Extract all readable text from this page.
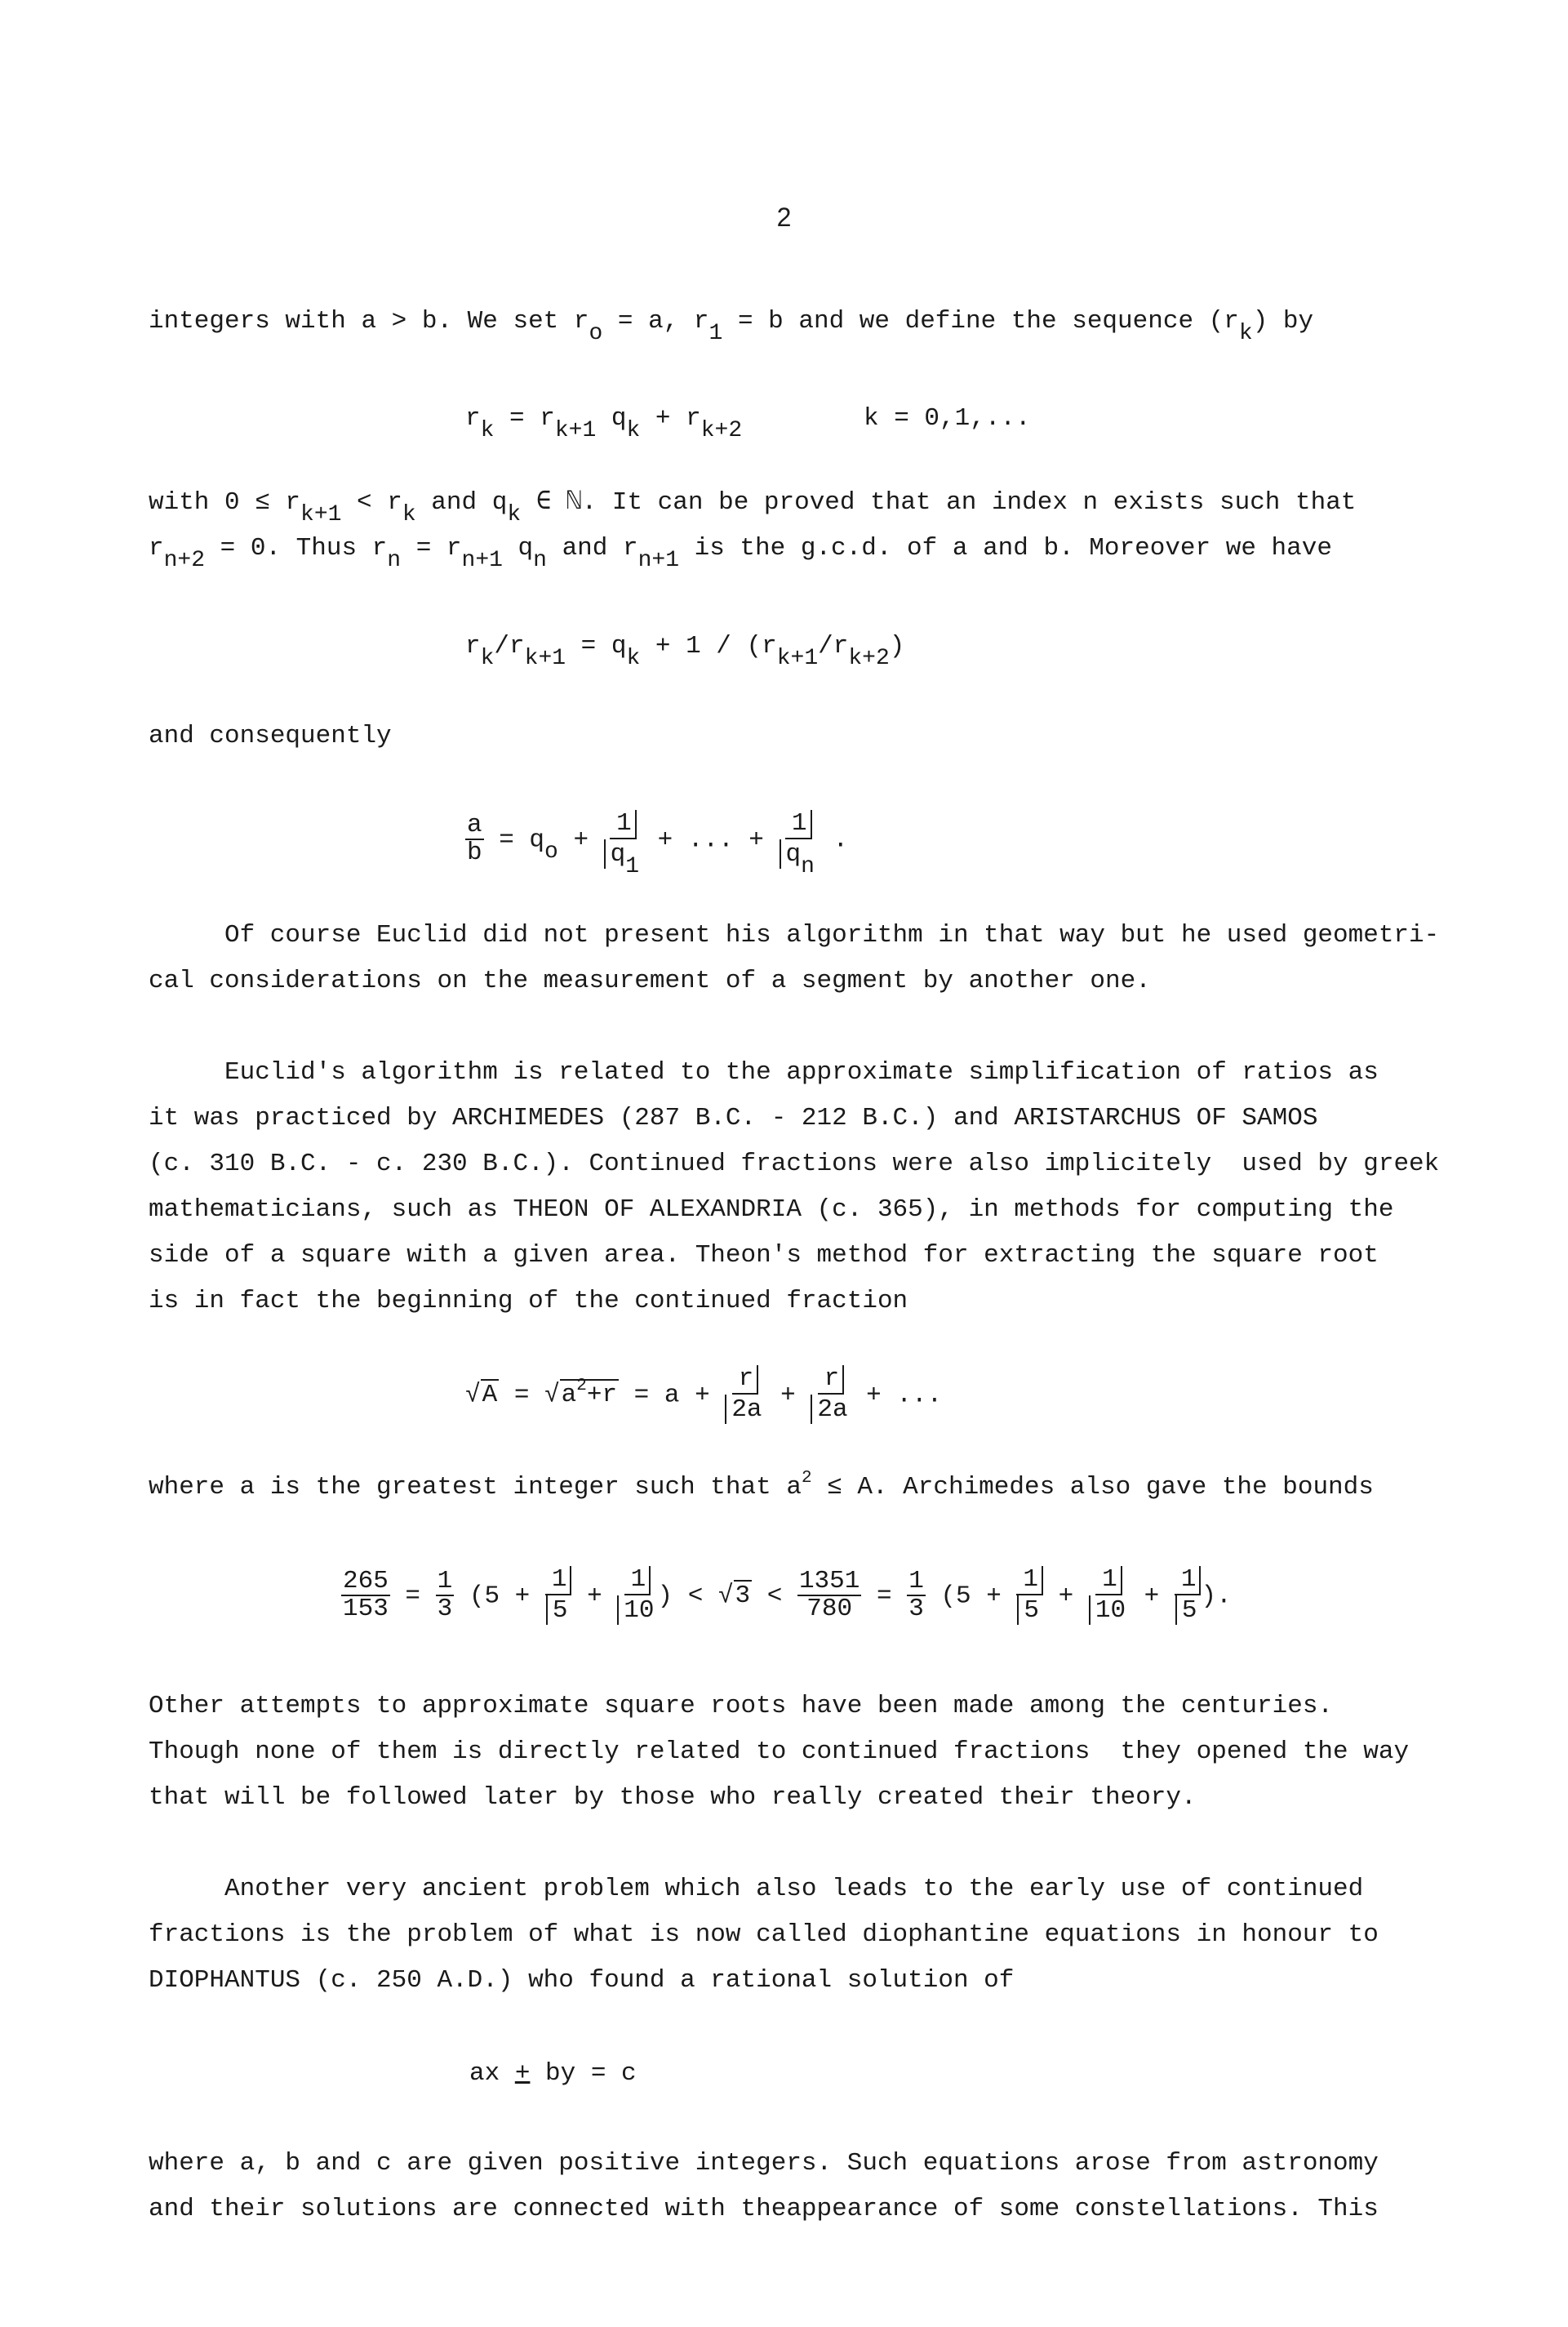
2
integers with a > b. We set ro = a, r1 = b and we define the sequence (rk) by
rk = rk+1 qk + rk+2	k = 0,1,...
with 0 ≤ rk+1 < rk and qk ∈ ℕ. It can be proved that an index n exists such that
rn+2 = 0. Thus rn = rn+1 qn and rn+1 is the g.c.d. of a and b. Moreover we have
rk/rk+1 = qk + 1 / (rk+1/rk+2)
and consequently
$\frac{a}{b}$ = qo +
1
q1
+ ... +
1
qn
.
Of course Euclid did not present his algorithm in that way but he used geometri-
cal considerations on the measurement of a segment by another one.
Euclid's algorithm is related to the approximate simplification of ratios as
it was practiced by ARCHIMEDES (287 B.C. - 212 B.C.) and ARISTARCHUS OF SAMOS
(c. 310 B.C. - c. 230 B.C.). Continued fractions were also implicitely  used by greek
mathematicians, such as THEON OF ALEXANDRIA (c. 365), in methods for computing the
side of a square with a given area. Theon's method for extracting the square root
is in fact the beginning of the continued fraction
$√A = √a^2+r = a$ +
r
2a
+
r
2a
+ ...
where a is the greatest integer such that $a^2 \le A$. Archimedes also gave the bounds
$\frac{265}{153} = \frac{1}{3} (5$ +
1
5
+
1
10
) < $√3 < \frac{1351}{780} = \frac{1}{3} (5$ +
1
5
+
1
10
+
1
5
).
Other attempts to approximate square roots have been made among the centuries.
Though none of them is directly related to continued fractions  they opened the way
that will be followed later by those who really created their theory.
Another very ancient problem which also leads to the early use of continued
fractions is the problem of what is now called diophantine equations in honour to
DIOPHANTUS (c. 250 A.D.) who found a rational solution of
ax + by = c
where a, b and c are given positive integers. Such equations arose from astronomy
and their solutions are connected with theappearance of some constellations. This
